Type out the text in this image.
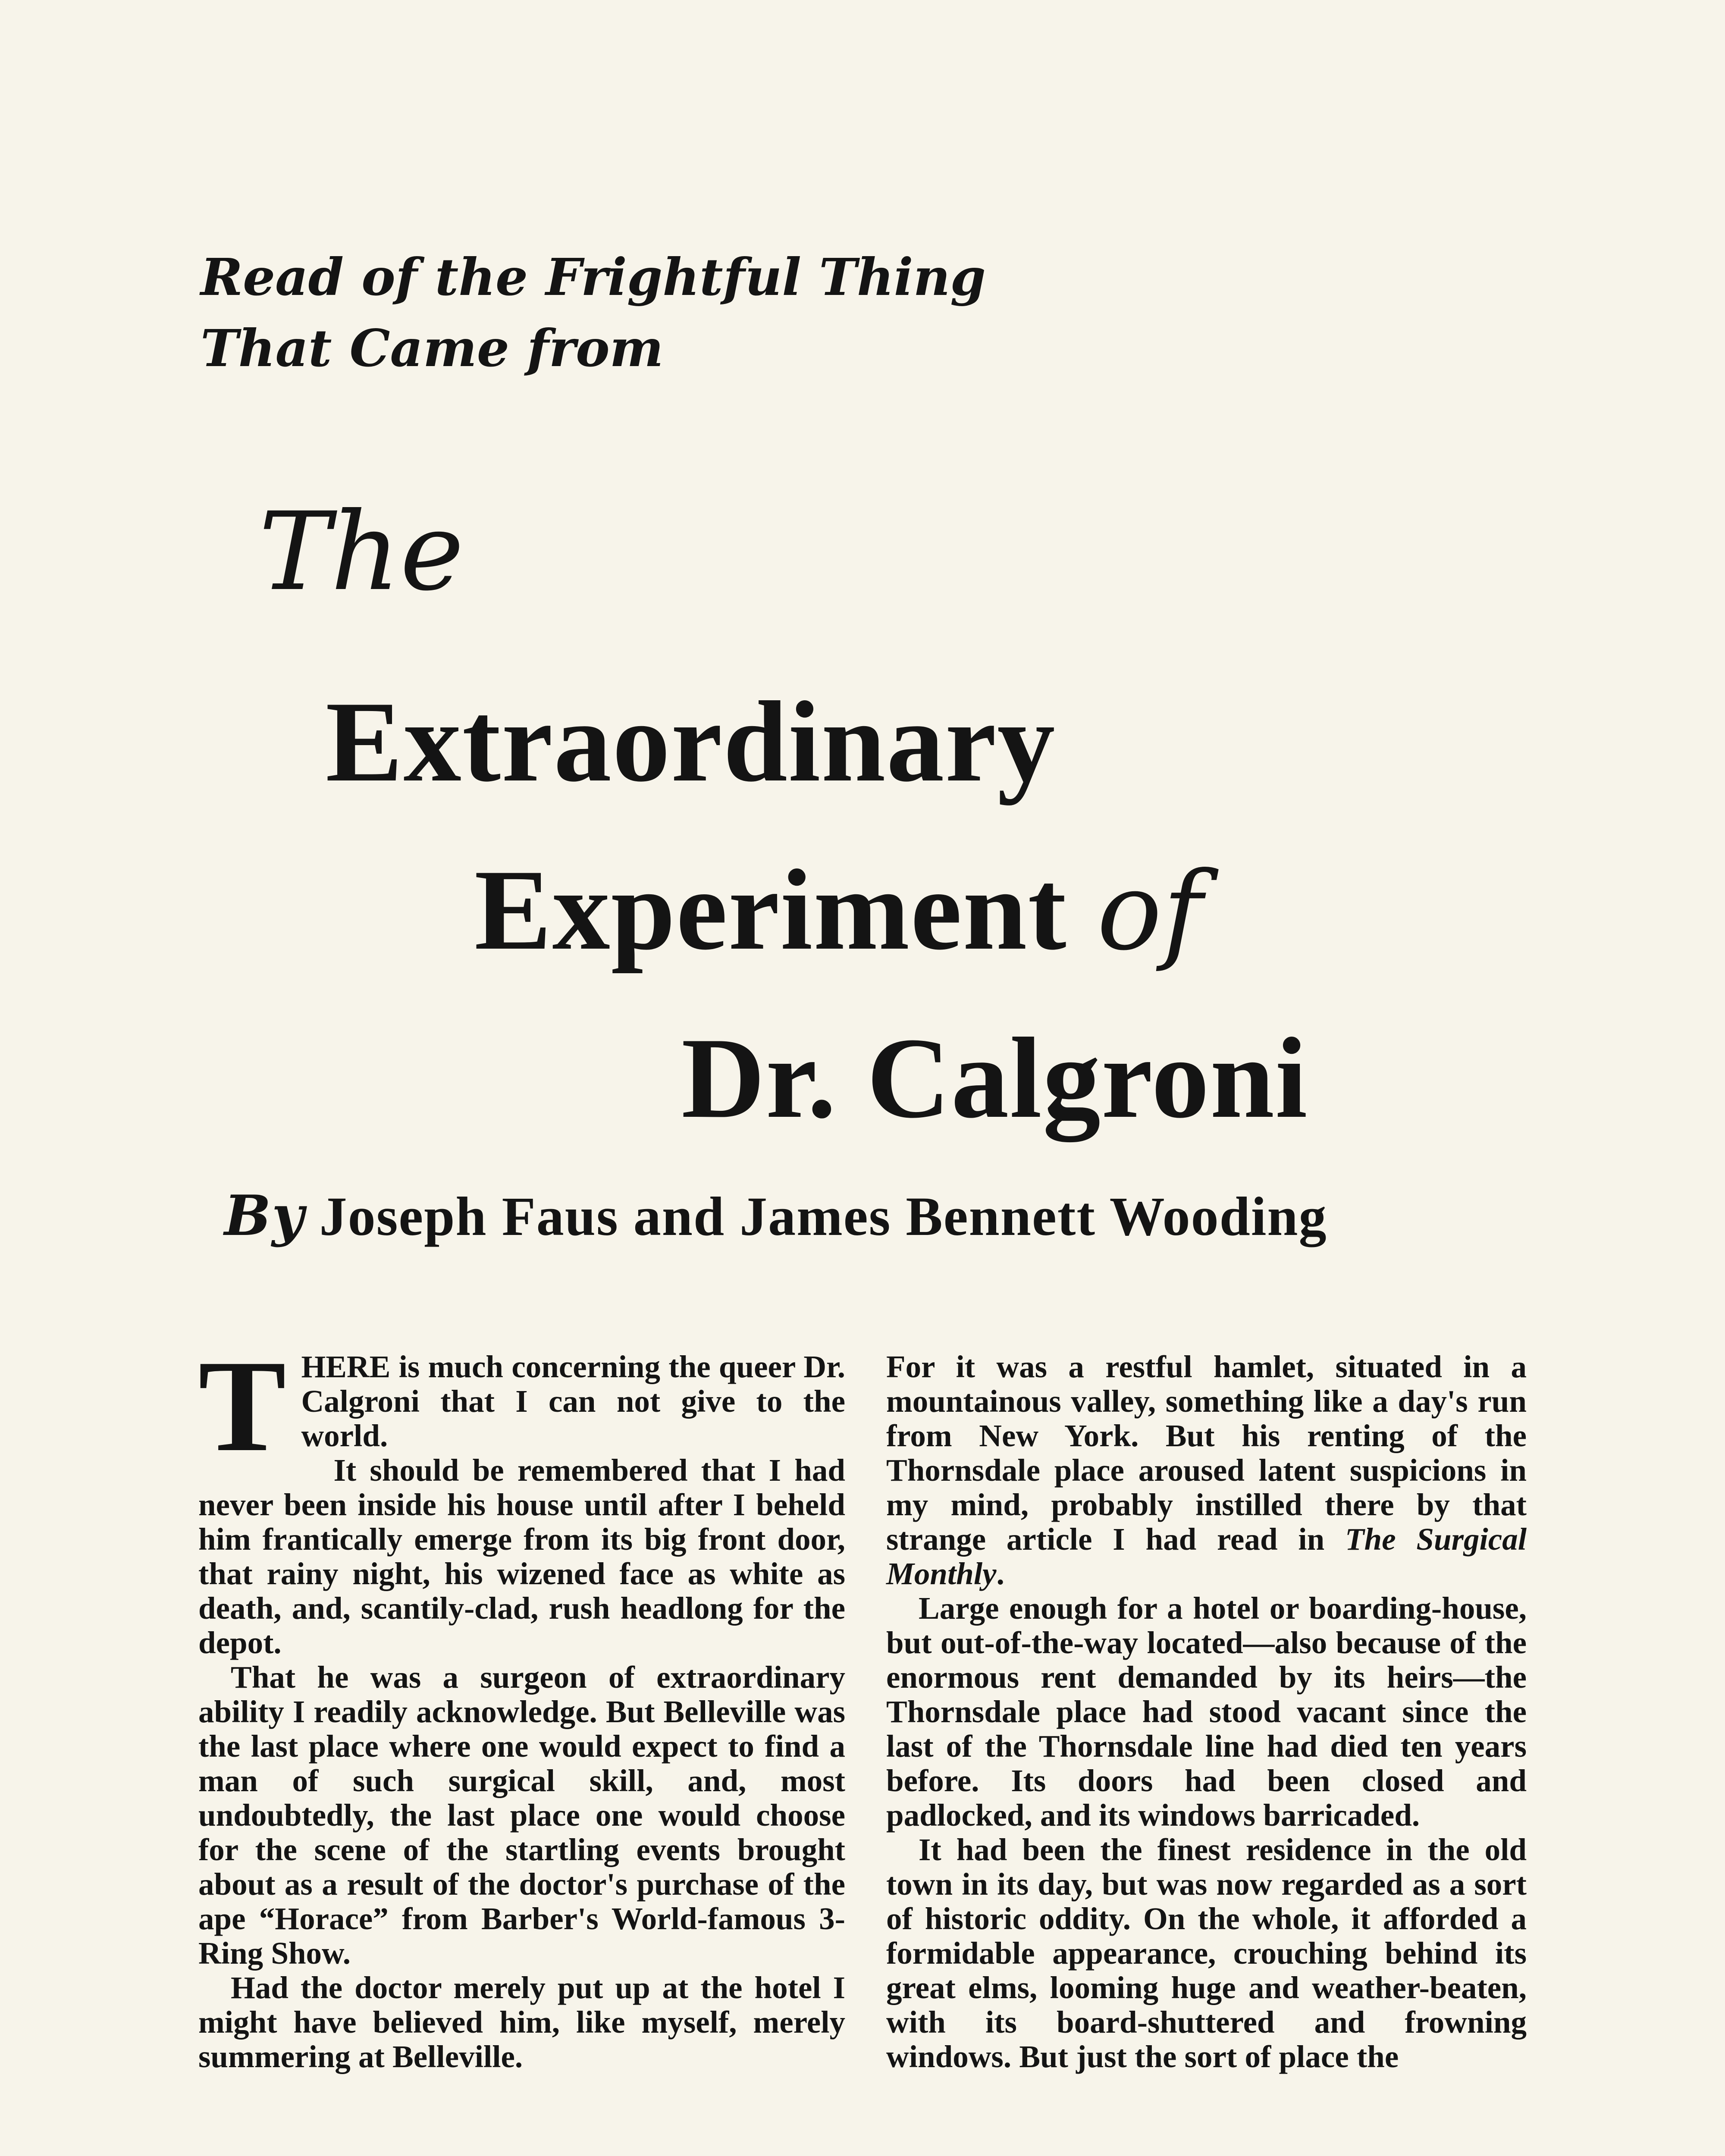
Read of the Frightful Thing
That Came from
The
Extraordinary
Experiment of
Dr. Calgroni
By Joseph Faus and James Bennett Wooding

THERE is much concerning the queer Dr. Calgroni that I can not give to the world.

It should be remembered that I had never been inside his house until after I beheld him frantically emerge from its big front door, that rainy night, his wizened face as white as death, and, scantily-clad, rush headlong for the depot.

That he was a surgeon of extraordinary ability I readily acknowledge. But Belleville was the last place where one would expect to find a man of such surgical skill, and, most undoubtedly, the last place one would choose for the scene of the startling events brought about as a result of the doctor's purchase of the ape “Horace” from Barber's World-famous 3-Ring Show.

Had the doctor merely put up at the hotel I might have believed him, like myself, merely summering at Belleville.

For it was a restful hamlet, situated in a mountainous valley, something like a day's run from New York. But his renting of the Thornsdale place aroused latent suspicions in my mind, probably instilled there by that strange article I had read in The Surgical Monthly.

Large enough for a hotel or boarding-house, but out-of-the-way located—also because of the enormous rent demanded by its heirs—the Thornsdale place had stood vacant since the last of the Thornsdale line had died ten years before. Its doors had been closed and padlocked, and its windows barricaded.

It had been the finest residence in the old town in its day, but was now regarded as a sort of historic oddity. On the whole, it afforded a formidable appearance, crouching behind its great elms, looming huge and weather-beaten, with its board-shuttered and frowning windows. But just the sort of place the
